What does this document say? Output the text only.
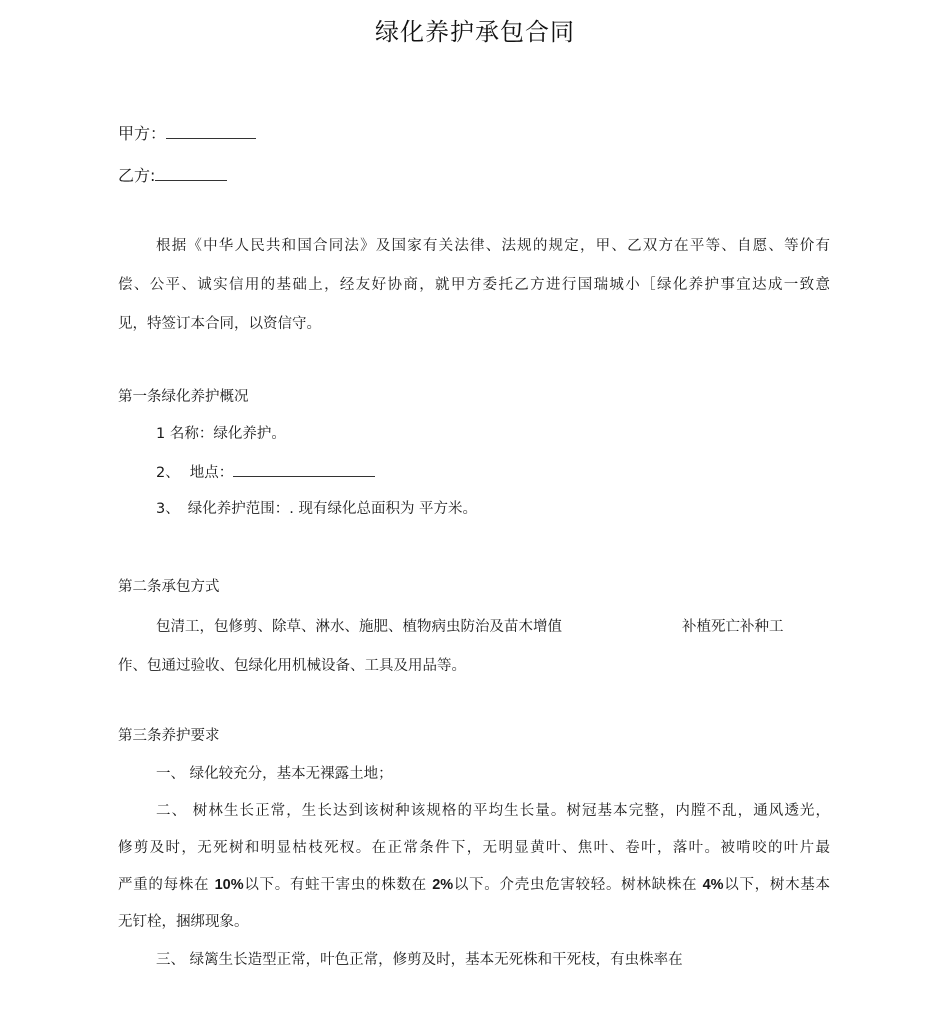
绿化养护承包合同
甲方：
乙方:
根据《中华人民共和国合同法》及国家有关法律、法规的规定，甲、乙双方在平等、自愿、等价有
偿、公平、诚实信用的基础上，经友好协商，就甲方委托乙方进行国瑞城小［绿化养护事宜达成一致意
见，特签订本合同，以资信守。
第一条绿化养护概况
1 名称：绿化养护。
2、 地点：
3、 绿化养护范围：. 现有绿化总面积为 平方米。
第二条承包方式
包清工，包修剪、除草、淋水、施肥、植物病虫防治及苗木增值	补植死亡补种工
作、包通过验收、包绿化用机械设备、工具及用品等。
第三条养护要求
一、 绿化较充分，基本无裸露土地；
二、 树林生长正常，生长达到该树种该规格的平均生长量。树冠基本完整，内膛不乱，通风透光，
修剪及时，无死树和明显枯枝死杈。在正常条件下，无明显黄叶、焦叶、卷叶，落叶。被啃咬的叶片最
严重的每株在 10%以下。有蛀干害虫的株数在 2%以下。介壳虫危害较轻。树林缺株在 4%以下，树木基本
无钉栓，捆绑现象。
三、 绿篱生长造型正常，叶色正常，修剪及时，基本无死株和干死枝，有虫株率在
